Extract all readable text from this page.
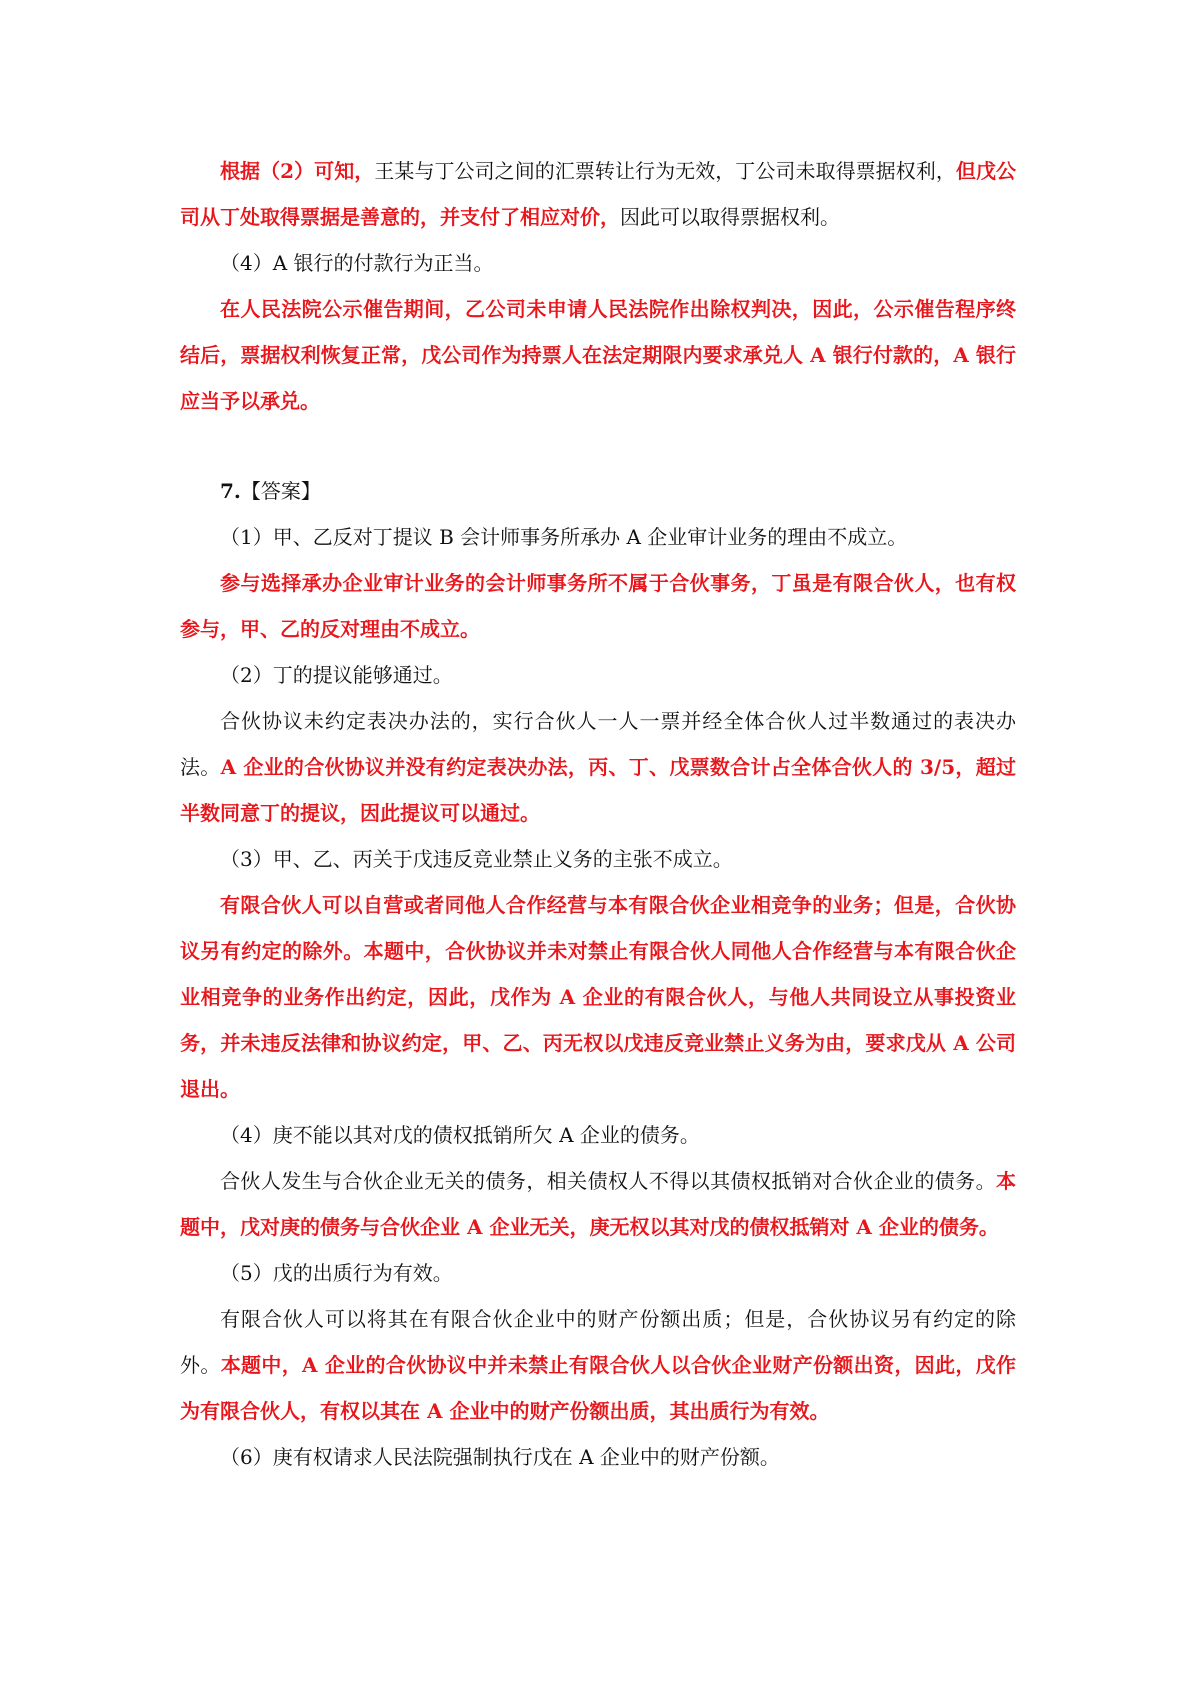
根据（2）可知，王某与丁公司之间的汇票转让行为无效，丁公司未取得票据权利，但戊公司从丁处取得票据是善意的，并支付了相应对价，因此可以取得票据权利。

（4）A 银行的付款行为正当。

在人民法院公示催告期间，乙公司未申请人民法院作出除权判决，因此，公示催告程序终结后，票据权利恢复正常，戊公司作为持票人在法定期限内要求承兑人 A 银行付款的，A 银行应当予以承兑。

7.【答案】

（1）甲、乙反对丁提议 B 会计师事务所承办 A 企业审计业务的理由不成立。

参与选择承办企业审计业务的会计师事务所不属于合伙事务，丁虽是有限合伙人，也有权参与，甲、乙的反对理由不成立。

（2）丁的提议能够通过。

合伙协议未约定表决办法的，实行合伙人一人一票并经全体合伙人过半数通过的表决办法。A 企业的合伙协议并没有约定表决办法，丙、丁、戊票数合计占全体合伙人的 3/5，超过半数同意丁的提议，因此提议可以通过。

（3）甲、乙、丙关于戊违反竞业禁止义务的主张不成立。

有限合伙人可以自营或者同他人合作经营与本有限合伙企业相竞争的业务；但是，合伙协议另有约定的除外。本题中，合伙协议并未对禁止有限合伙人同他人合作经营与本有限合伙企业相竞争的业务作出约定，因此，戊作为 A 企业的有限合伙人，与他人共同设立从事投资业务，并未违反法律和协议约定，甲、乙、丙无权以戊违反竞业禁止义务为由，要求戊从 A 公司退出。

（4）庚不能以其对戊的债权抵销所欠 A 企业的债务。

合伙人发生与合伙企业无关的债务，相关债权人不得以其债权抵销对合伙企业的债务。本题中，戊对庚的债务与合伙企业 A 企业无关，庚无权以其对戊的债权抵销对 A 企业的债务。

（5）戊的出质行为有效。

有限合伙人可以将其在有限合伙企业中的财产份额出质；但是，合伙协议另有约定的除外。本题中，A 企业的合伙协议中并未禁止有限合伙人以合伙企业财产份额出资，因此，戊作为有限合伙人，有权以其在 A 企业中的财产份额出质，其出质行为有效。

（6）庚有权请求人民法院强制执行戊在 A 企业中的财产份额。
